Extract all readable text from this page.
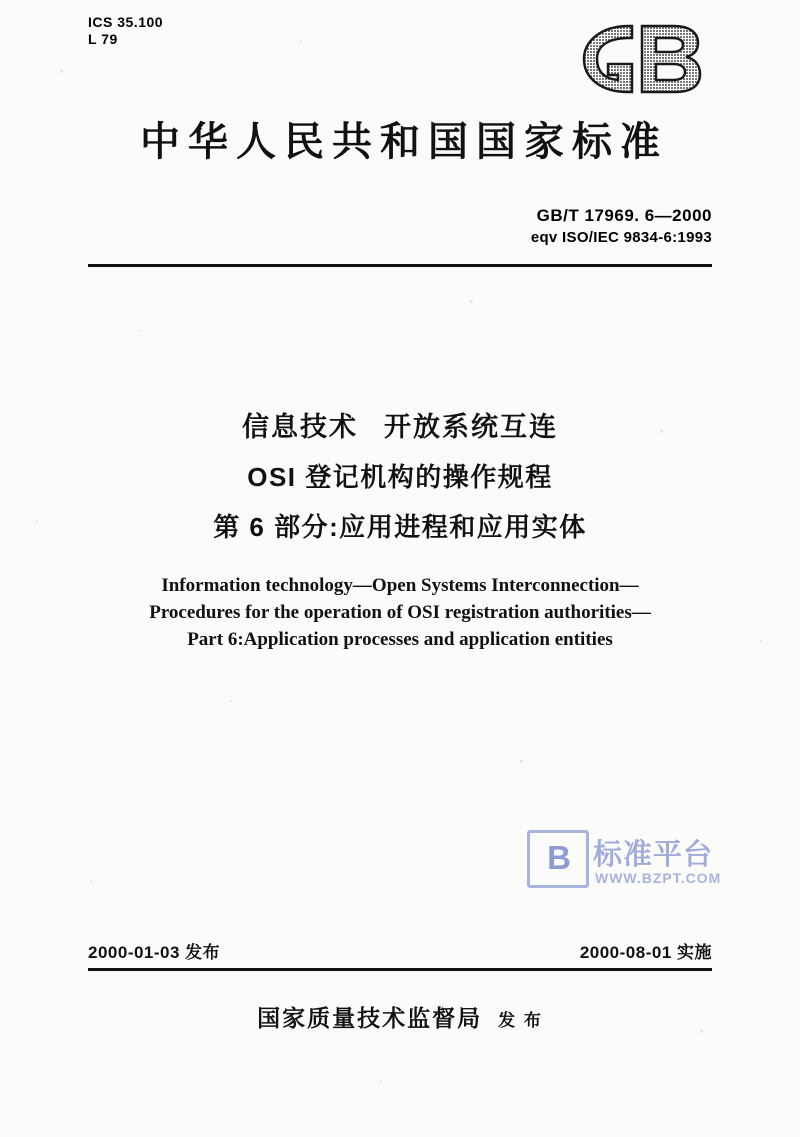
ICS 35.100
L 79
中华人民共和国国家标准
GB/T 17969. 6—2000
eqv ISO/IEC 9834-6:1993
信息技术 开放系统互连
OSI 登记机构的操作规程
第 6 部分:应用进程和应用实体
Information technology—Open Systems Interconnection—
Procedures for the operation of OSI registration authorities—
Part 6:Application processes and application entities
B 标准平台
WWW.BZPT.COM
2000-01-03 发布	2000-08-01 实施
国家质量技术监督局 发 布
